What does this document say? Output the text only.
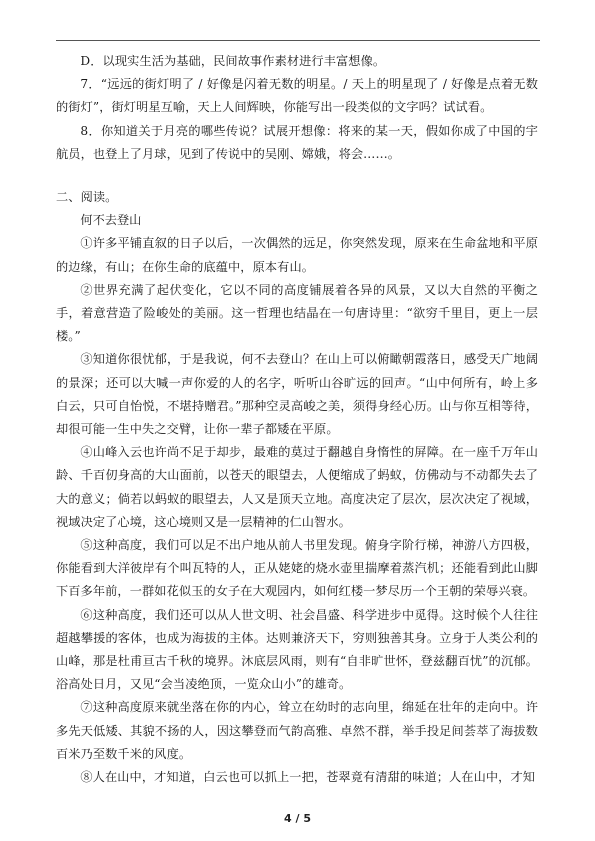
D．以现实生活为基础，民间故事作素材进行丰富想像。

7．“远远的街灯明了 / 好像是闪着无数的明星。/ 天上的明星现了 / 好像是点着无数的街灯”，街灯明星互喻，天上人间辉映，你能写出一段类似的文字吗？试试看。

8．你知道关于月亮的哪些传说？试展开想像：将来的某一天，假如你成了中国的宇航员，也登上了月球，见到了传说中的吴刚、嫦娥，将会……。

二、阅读。

何不去登山

①许多平铺直叙的日子以后，一次偶然的远足，你突然发现，原来在生命盆地和平原的边缘，有山；在你生命的底蕴中，原本有山。

②世界充满了起伏变化，它以不同的高度铺展着各异的风景，又以大自然的平衡之手，着意营造了险峻处的美丽。这一哲理也结晶在一句唐诗里：“欲穷千里目，更上一层楼。”

③知道你很忧郁，于是我说，何不去登山？在山上可以俯瞰朝霞落日，感受天广地阔的景深；还可以大喊一声你爱的人的名字，听听山谷旷远的回声。“山中何所有，岭上多白云，只可自怡悦，不堪持赠君。”那种空灵高峻之美，须得身经心历。山与你互相等待，却很可能一生中失之交臂，让你一辈子都矮在平原。

④山峰入云也许尚不足于却步，最难的莫过于翻越自身惰性的屏障。在一座千万年山龄、千百仞身高的大山面前，以苍天的眼望去，人便缩成了蚂蚁，仿佛动与不动都失去了大的意义；倘若以蚂蚁的眼望去，人又是顶天立地。高度决定了层次，层次决定了视域，视域决定了心境，这心境则又是一层精神的仁山智水。

⑤这种高度，我们可以足不出户地从前人书里发现。俯身字阶行梯，神游八方四极，你能看到大洋彼岸有个叫瓦特的人，正从姥姥的烧水壶里揣摩着蒸汽机；还能看到此山脚下百多年前，一群如花似玉的女子在大观园内，如何红楼一梦尽历一个王朝的荣辱兴衰。

⑥这种高度，我们还可以从人世文明、社会昌盛、科学进步中觅得。这时候个人往往超越攀援的客体，也成为海拔的主体。达则兼济天下，穷则独善其身。立身于人类公利的山峰，那是杜甫亘古千秋的境界。沐底层风雨，则有“自非旷世怀，登兹翻百忧”的沉郁。浴高处日月，又见“会当凌绝顶，一览众山小”的雄奇。

⑦这种高度原来就坐落在你的内心，耸立在幼时的志向里，绵延在壮年的走向中。许多先天低矮、其貌不扬的人，因这攀登而气韵高雅、卓然不群，举手投足间荟萃了海拔数百米乃至数千米的风度。

⑧人在山中，才知道，白云也可以抓上一把，苍翠竟有清甜的味道；人在山中，才知

4 / 5
